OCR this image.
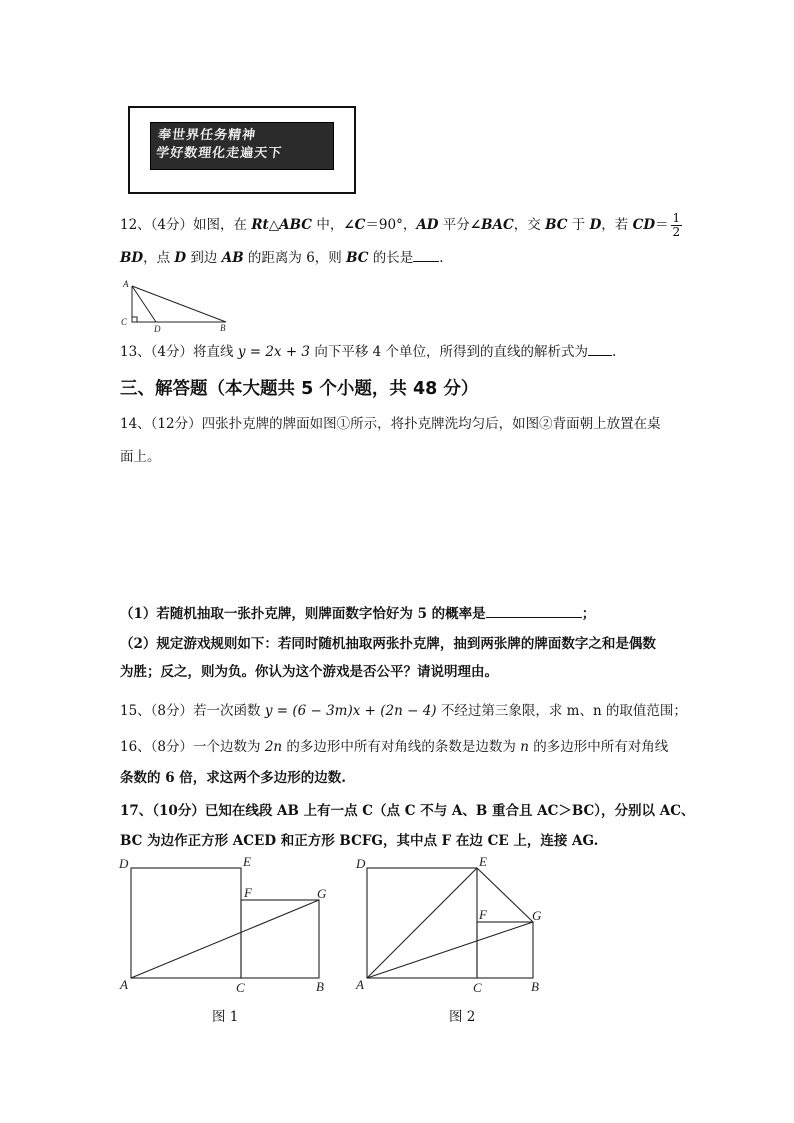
奉世界任务精神
学好数理化走遍天下
12、（4分）如图，在 Rt△ABC 中，∠C＝90°，AD 平分∠BAC，交 BC 于 D，若 $CD= \frac{1}{2}$
BD，点 D 到边 AB 的距离为 6，则 BC 的长是 .
A
C
D	B
13、（4分）将直线 y = 2x + 3 向下平移 4 个单位，所得到的直线的解析式为 .
三、解答题（本大题共 5 个小题，共 48 分）
14、（12分）四张扑克牌的牌面如图①所示，将扑克牌洗均匀后，如图②背面朝上放置在桌
面上。
（1）若随机抽取一张扑克牌，则牌面数字恰好为 5 的概率是	；
（2）规定游戏规则如下：若同时随机抽取两张扑克牌，抽到两张牌的牌面数字之和是偶数
为胜；反之，则为负。你认为这个游戏是否公平？请说明理由。
15、（8分）若一次函数 y = (6 − 3m)x + (2n − 4) 不经过第三象限，求 m、n 的取值范围；
16、（8分）一个边数为 2n 的多边形中所有对角线的条数是边数为 n 的多边形中所有对角线
条数的 6 倍，求这两个多边形的边数.
17、（10分）已知在线段 AB 上有一点 C（点 C 不与 A、B 重合且 AC＞BC），分别以 AC、
BC 为边作正方形 ACED 和正方形 BCFG，其中点 F 在边 CE 上，连接 AG.
D	E
F	G
A	C	B
图 1
D	E
F	G
A	C	B
图 2
